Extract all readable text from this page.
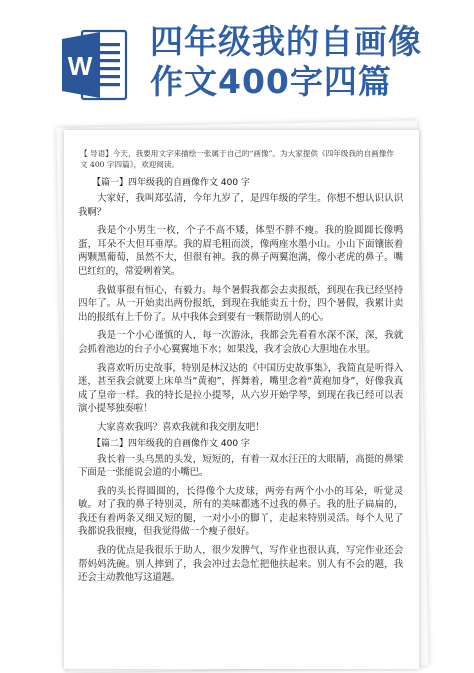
W
四年级我的自画像
作文400字四篇
【 导语】今天，我要用文字来描绘一张属于自己的“画像”。为大家提供《四年级我的自画像作文 400 字四篇》，欢迎阅读。
【篇一】四年级我的自画像作文 400 字

大家好，我叫郑弘清，今年九岁了，是四年级的学生。你想不想认识认识我啊？

我是个小男生一枚，个子不高不矮，体型不胖不瘦。我的脸圆圆长像鸭蛋，耳朵不大但耳垂厚。我的眉毛粗而淡，像两座水墨小山。小山下面镶嵌着两颗黑葡萄，虽然不大，但很有神。我的鼻子两翼泡满，像小老虎的鼻子。嘴巴红红的，常爱咧着笑。

我做事很有恒心，有毅力。每个暑假我都会去卖报纸，到现在我已经坚持四年了。从一开始卖出两份报纸，到现在我能卖五十份，四个暑假，我累计卖出的报纸有上千份了。从中我体会到要有一颗帮助别人的心。

我是一个小心谨慎的人，每一次游泳，我都会先看看水深不深，深，我就会抓着池边的台子小心翼翼地下水；如果浅，我才会放心大胆地在水里。

我喜欢听历史故事，特别是林汉达的《中国历史故事集》，我简直是听得入迷，甚至我会就要上床单当“黄袍”，挥舞着，嘴里念着“黄袍加身”，好像我真成了皇帝一样。我的特长是拉小提琴，从六岁开始学琴，到现在我已经可以表演小提琴独奏啦！

大家喜欢我吗？喜欢我就和我交朋友吧！

【篇二】四年级我的自画像作文 400 字

我长着一头乌黑的头发，短短的，有着一双水汪汪的大眼睛，高挺的鼻梁下面是一张能说会道的小嘴巴。

我的头长得圆圆的，长得像个大皮球，两旁有两个小小的耳朵，听觉灵敏。对了我的鼻子特别灵，所有的美味都逃不过我的鼻子。我的肚子扁扁的，我还有着两条又细又短的腿，一对小小的脚丫，走起来特别灵活。每个人见了我都说我很瘦，但我觉得做一个瘦子很好。

我的优点是我很乐于助人，很少发脾气，写作业也很认真，写完作业还会帮妈妈洗碗。别人摔到了，我会冲过去急忙把他扶起来。别人有不会的题，我还会主动教他写这道题。
